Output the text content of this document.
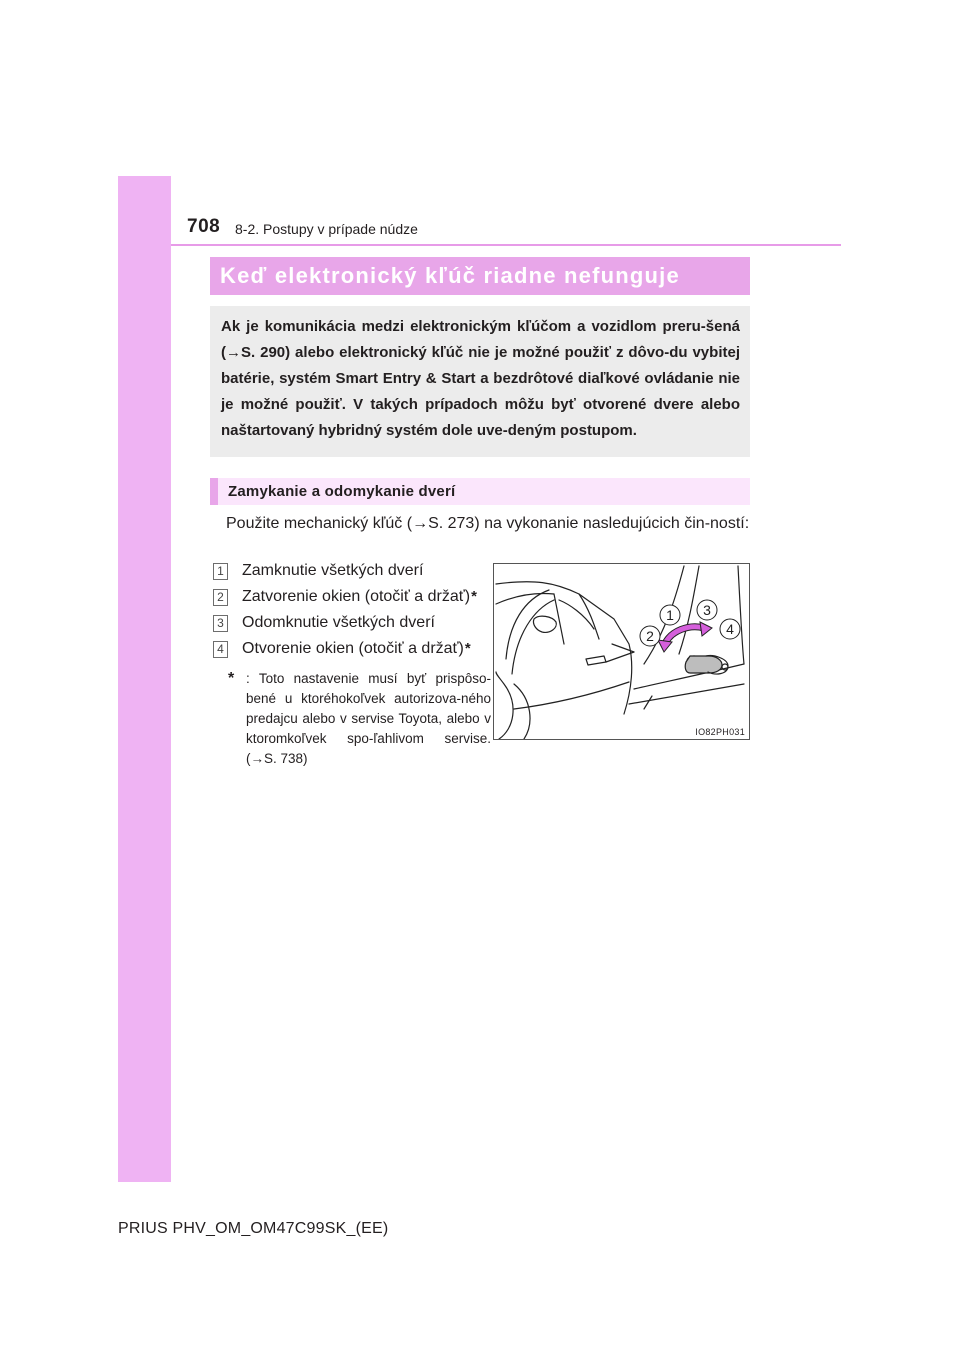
708 8-2. Postupy v prípade núdze
Keď elektronický kľúč riadne nefunguje
Ak je komunikácia medzi elektronickým kľúčom a vozidlom preru-šená (→S. 290) alebo elektronický kľúč nie je možné použiť z dôvo-du vybitej batérie, systém Smart Entry & Start a bezdrôtové diaľkové ovládanie nie je možné použiť. V takých prípadoch môžu byť otvorené dvere alebo naštartovaný hybridný systém dole uve-deným postupom.
Zamykanie a odomykanie dverí
Použite mechanický kľúč (→S. 273) na vykonanie nasledujúcich čin-ností:
1 Zamknutie všetkých dverí
2 Zatvorenie okien (otočiť a držať) *
3 Odomknutie všetkých dverí
4 Otvorenie okien (otočiť a držať) *
* : Toto nastavenie musí byť prispôso-bené u ktoréhokoľvek autorizova-ného predajcu alebo v servise Toyota, alebo v ktoromkoľvek spo-ľahlivom servise. (→S. 738)
1
2
3
4
IO82PH031
PRIUS PHV_OM_OM47C99SK_(EE)
